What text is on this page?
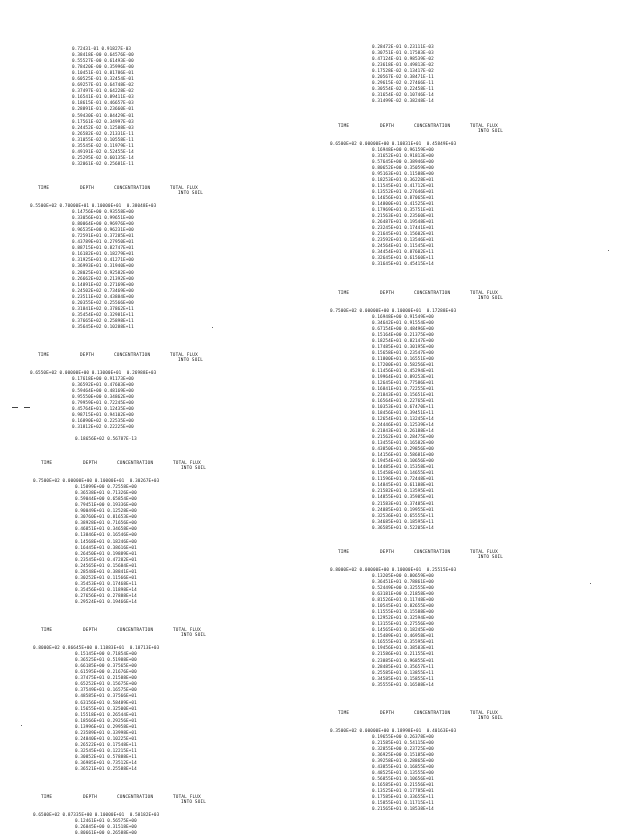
0.72431-01 0.91827E-03
0.38418E-00 0.64576E-00
0.55527E-00 0.61493E-00
0.78420E-00 0.35996E-00
0.10451E-01 0.81786E-01
0.60525E-01 0.32454E-01
0.69257E-01 0.64748E-02
0.37497E-01 0.64228E-02
0.16541E-01 0.89411E-03
0.18615E-01 0.46657E-03
0.28891E-01 0.23660E-01
0.59430E-01 0.84429E-01
0.17561E-02 0.34997E-03
0.24452E-02 0.12588E-03
0.26582E-02 0.21331E-11
0.31055E-02 0.10558E-11
0.35545E-02 0.11979E-11
0.49191E-02 0.52455E-14
0.25295E-02 0.60135E-14
0.32061E-02 0.25681E-11
TIME	DEPTH	CONCENTRATION	TOTAL FLUX
INTO SOIL
0.5500E+02 0.70000E+01 0.10000E+01  0.38048E+03
0.14756E+00 0.93558E+00
0.33056E+01 0.99651E+00
0.80064E+00 0.96976E+00
0.96535E+00 0.96231E+00
0.72591E+01 0.37285E+01
0.43789E+01 0.27950E+01
0.88715E+01 0.82747E+01
0.16182E+01 0.18279E+01
0.31925E+01 0.41271E+00
0.36993E+01 0.31940E+00
0.28025E+01 0.92582E+00
0.26662E+02 0.21392E+00
0.14891E+02 0.27169E+00
0.24502E+02 0.73469E+00
0.23511E+02 0.43884E+00
0.20355E+02 0.25566E+00
0.31841E+02 0.37862E+11
0.35454E+02 0.32981E+11
0.37665E+02 0.25898E+11
0.35645E+02 0.10288E+11
TIME	DEPTH	CONCENTRATION	TOTAL FLUX
INTO SOIL
0.6550E+02 0.00000E+00 0.13000E+01  0.26988E+03
0.17618E+00 0.91173E+00
0.36592E+01 0.47603E+00
0.59464E+00 0.48169E+00
0.95550E+00 0.34862E+00
0.79959E+01 0.72245E+00
0.45764E+01 0.12435E+00
0.98715E+01 0.94102E+00
0.16890E+02 0.22535E+00
0.31812E+02 0.22225E+00
0.28472E-01 0.23111E-03
0.30751E-01 0.17583E-03
0.47124E-01 0.98539E-02
0.23618E-01 0.49813E-02
0.17528E-02 0.13417E-02
0.20567E-02 0.38471E-11
0.29615E-02 0.27466E-11
0.30554E-02 0.22458E-11
0.31654E-02 0.10746E-14
0.31499E-02 0.38248E-14
TIME	DEPTH	CONCENTRATION	TOTAL FLUX
INTO SOIL
0.6500E+02 0.00000E+00 0.10831E+01  0.45849E+03
0.16948E+00 0.96159E+00
0.31652E+01 0.91813E+00
0.57645E+00 0.38946E+00
0.80652E+00 0.35059E+00
0.95163E+01 0.11588E+00
0.18253E+01 0.36228E+01
0.11545E+01 0.41712E+01
0.13552E+01 0.27646E+01
0.14656E+01 0.87065E+01
0.14800E+01 0.41525E+01
0.17969E+01 0.35751E+01
0.21563E+01 0.23560E+01
0.26487E+01 0.19548E+01
0.23245E+01 0.17441E+01
0.21645E+01 0.15602E+01
0.23592E+01 0.13546E+01
0.24564E+01 0.11545E+01
0.34454E+01 0.87602E+11
0.32645E+01 0.61560E+11
0.31645E+01 0.45415E+14
TIME	DEPTH	CONCENTRATION	TOTAL FLUX
INTO SOIL
0.7500E+02 0.00000E+00 0.10000E+01  0.17288E+03
0.16948E+00 0.91549E+00
0.34642E+01 0.91554E+00
0.67154E+00 0.48496E+00
0.15164E+00 0.21375E+00
0.18254E+01 0.82147E+00
0.17485E+01 0.30195E+00
0.15658E+01 0.23547E+00
0.11800E+01 0.16551E+00
0.17200E+01 0.58256E+01
0.11456E+01 0.45294E+01
0.19964E+01 0.89253E+01
0.12645E+01 0.77586E+01
0.16841E+01 0.72255E+01
0.21843E+01 0.15651E+01
0.16564E+01 0.22765E+01
0.10353E+01 0.67470E+11
0.18456E+01 0.39451E+11
0.12654E+01 0.13245E+14
0.24446E+01 0.12539E+14
0.21843E+01 0.26188E+14
0.18656E+02 0.56787E-13
TIME	DEPTH	CONCENTRATION	TOTAL FLUX
INTO SOIL
0.7500E+02 0.00000E+00 0.10000E+01  0.30267E+03
0.15899E+00 0.72558E+00
0.36538E+01 0.71326E+00
0.59044E+00 0.65854E+00
0.79451E+00 0.19336E+00
0.90049E+01 0.12528E+00
0.30760E+01 0.81653E+00
0.38928E+01 0.71656E+00
0.46851E+01 0.34658E+00
0.13846E+01 0.16546E+00
0.14568E+01 0.18246E+00
0.16445E+01 0.38616E+01
0.26450E+01 0.19889E+01
0.23545E+01 0.47282E+01
0.24565E+01 0.15684E+01
0.28548E+01 0.38841E+01
0.30252E+01 0.11566E+01
0.35453E+01 0.17468E+11
0.35456E+01 0.11898E+14
0.27656E+01 0.27888E+14
0.29524E+01 0.19466E+14
TIME	DEPTH	CONCENTRATION	TOTAL FLUX
INTO SOIL
0.8000E+02 0.86645E+00 0.11883E+01  0.18713E+03
0.15145E+00 0.71854E+00
0.36525E+01 0.51988E+00
0.66185E+00 0.37565E+00
0.61595E+00 0.21676E+00
0.37475E+01 0.21588E+00
0.65252E+01 0.15675E+00
0.37549E+01 0.16575E+00
0.48585E+01 0.37566E+01
0.63156E+01 0.58489E+01
0.15655E+01 0.32500E+01
0.15518E+01 0.26544E+01
0.18566E+01 0.29256E+01
0.13996E+01 0.29958E+01
0.23589E+01 0.33998E+01
0.24840E+01 0.10225E+01
0.26522E+01 0.17548E+11
0.32545E+01 0.12215E+11
0.30852E+01 0.57888E+11
0.36985E+01 0.73512E+14
0.36521E+01 0.25588E+14
TIME	DEPTH	CONCENTRATION	TOTAL FLUX
INTO SOIL
0.6500E+02 0.87335E+00 0.10000E+01  0.58182E+03
0.12461E+01 0.56575E+00
0.26845E+00 0.31518E+00
0.80661E+00 0.26588E+00
0.21562E+01 0.28475E+00
0.13455E+01 0.16582E+00
0.43850E+01 0.29856E+00
0.14156E+01 0.58681E+00
0.19454E+01 0.10656E+00
0.14485E+01 0.15358E+01
0.15458E+01 0.14655E+01
0.11596E+01 0.72448E+01
0.14845E+01 0.61188E+01
0.21582E+01 0.13595E+01
0.14855E+01 0.35985E+01
0.21583E+01 0.37485E+01
0.24885E+01 0.19955E+01
0.32536E+01 0.65555E+11
0.34685E+01 0.18595E+11
0.36585E+01 0.52205E+14
TIME	DEPTH	CONCENTRATION	TOTAL FLUX
INTO SOIL
0.8000E+02 0.00000E+00 0.10000E+01  0.25515E+03
0.13205E+00 0.80659E+00
0.36451E+01 0.78861E+00
0.52449E+00 0.32555E+00
0.63181E+00 0.21858E+00
0.81526E+01 0.11748E+00
0.10545E+01 0.82655E+00
0.11555E+01 0.15588E+00
0.12952E+01 0.32594E+00
0.13155E+01 0.27556E+00
0.14565E+01 0.18245E+00
0.15489E+01 0.46958E+01
0.16555E+01 0.35595E+01
0.19456E+01 0.38583E+01
0.21586E+01 0.21155E+01
0.23885E+01 0.96855E+01
0.28485E+01 0.35657E+11
0.25585E+01 0.13855E+11
0.34585E+01 0.15855E+11
0.35555E+01 0.16588E+14
TIME	DEPTH	CONCENTRATION	TOTAL FLUX
INTO SOIL
0.3500E+02 0.00000E+00 0.18998E+01  0.40163E+03
0.19655E+00 0.26378E+00
0.21585E+01 0.54115E+00
0.32855E+00 0.23725E+00
0.36925E+00 0.15185E+00
0.39258E+01 0.28865E+00
0.43855E+01 0.16855E+00
0.48525E+01 0.13555E+00
0.56855E+01 0.10656E+01
0.16585E+01 0.21556E+01
0.13525E+01 0.17785E+01
0.17585E+01 0.33655E+11
0.15855E+01 0.11715E+11
0.21565E+01 0.18538E+14
